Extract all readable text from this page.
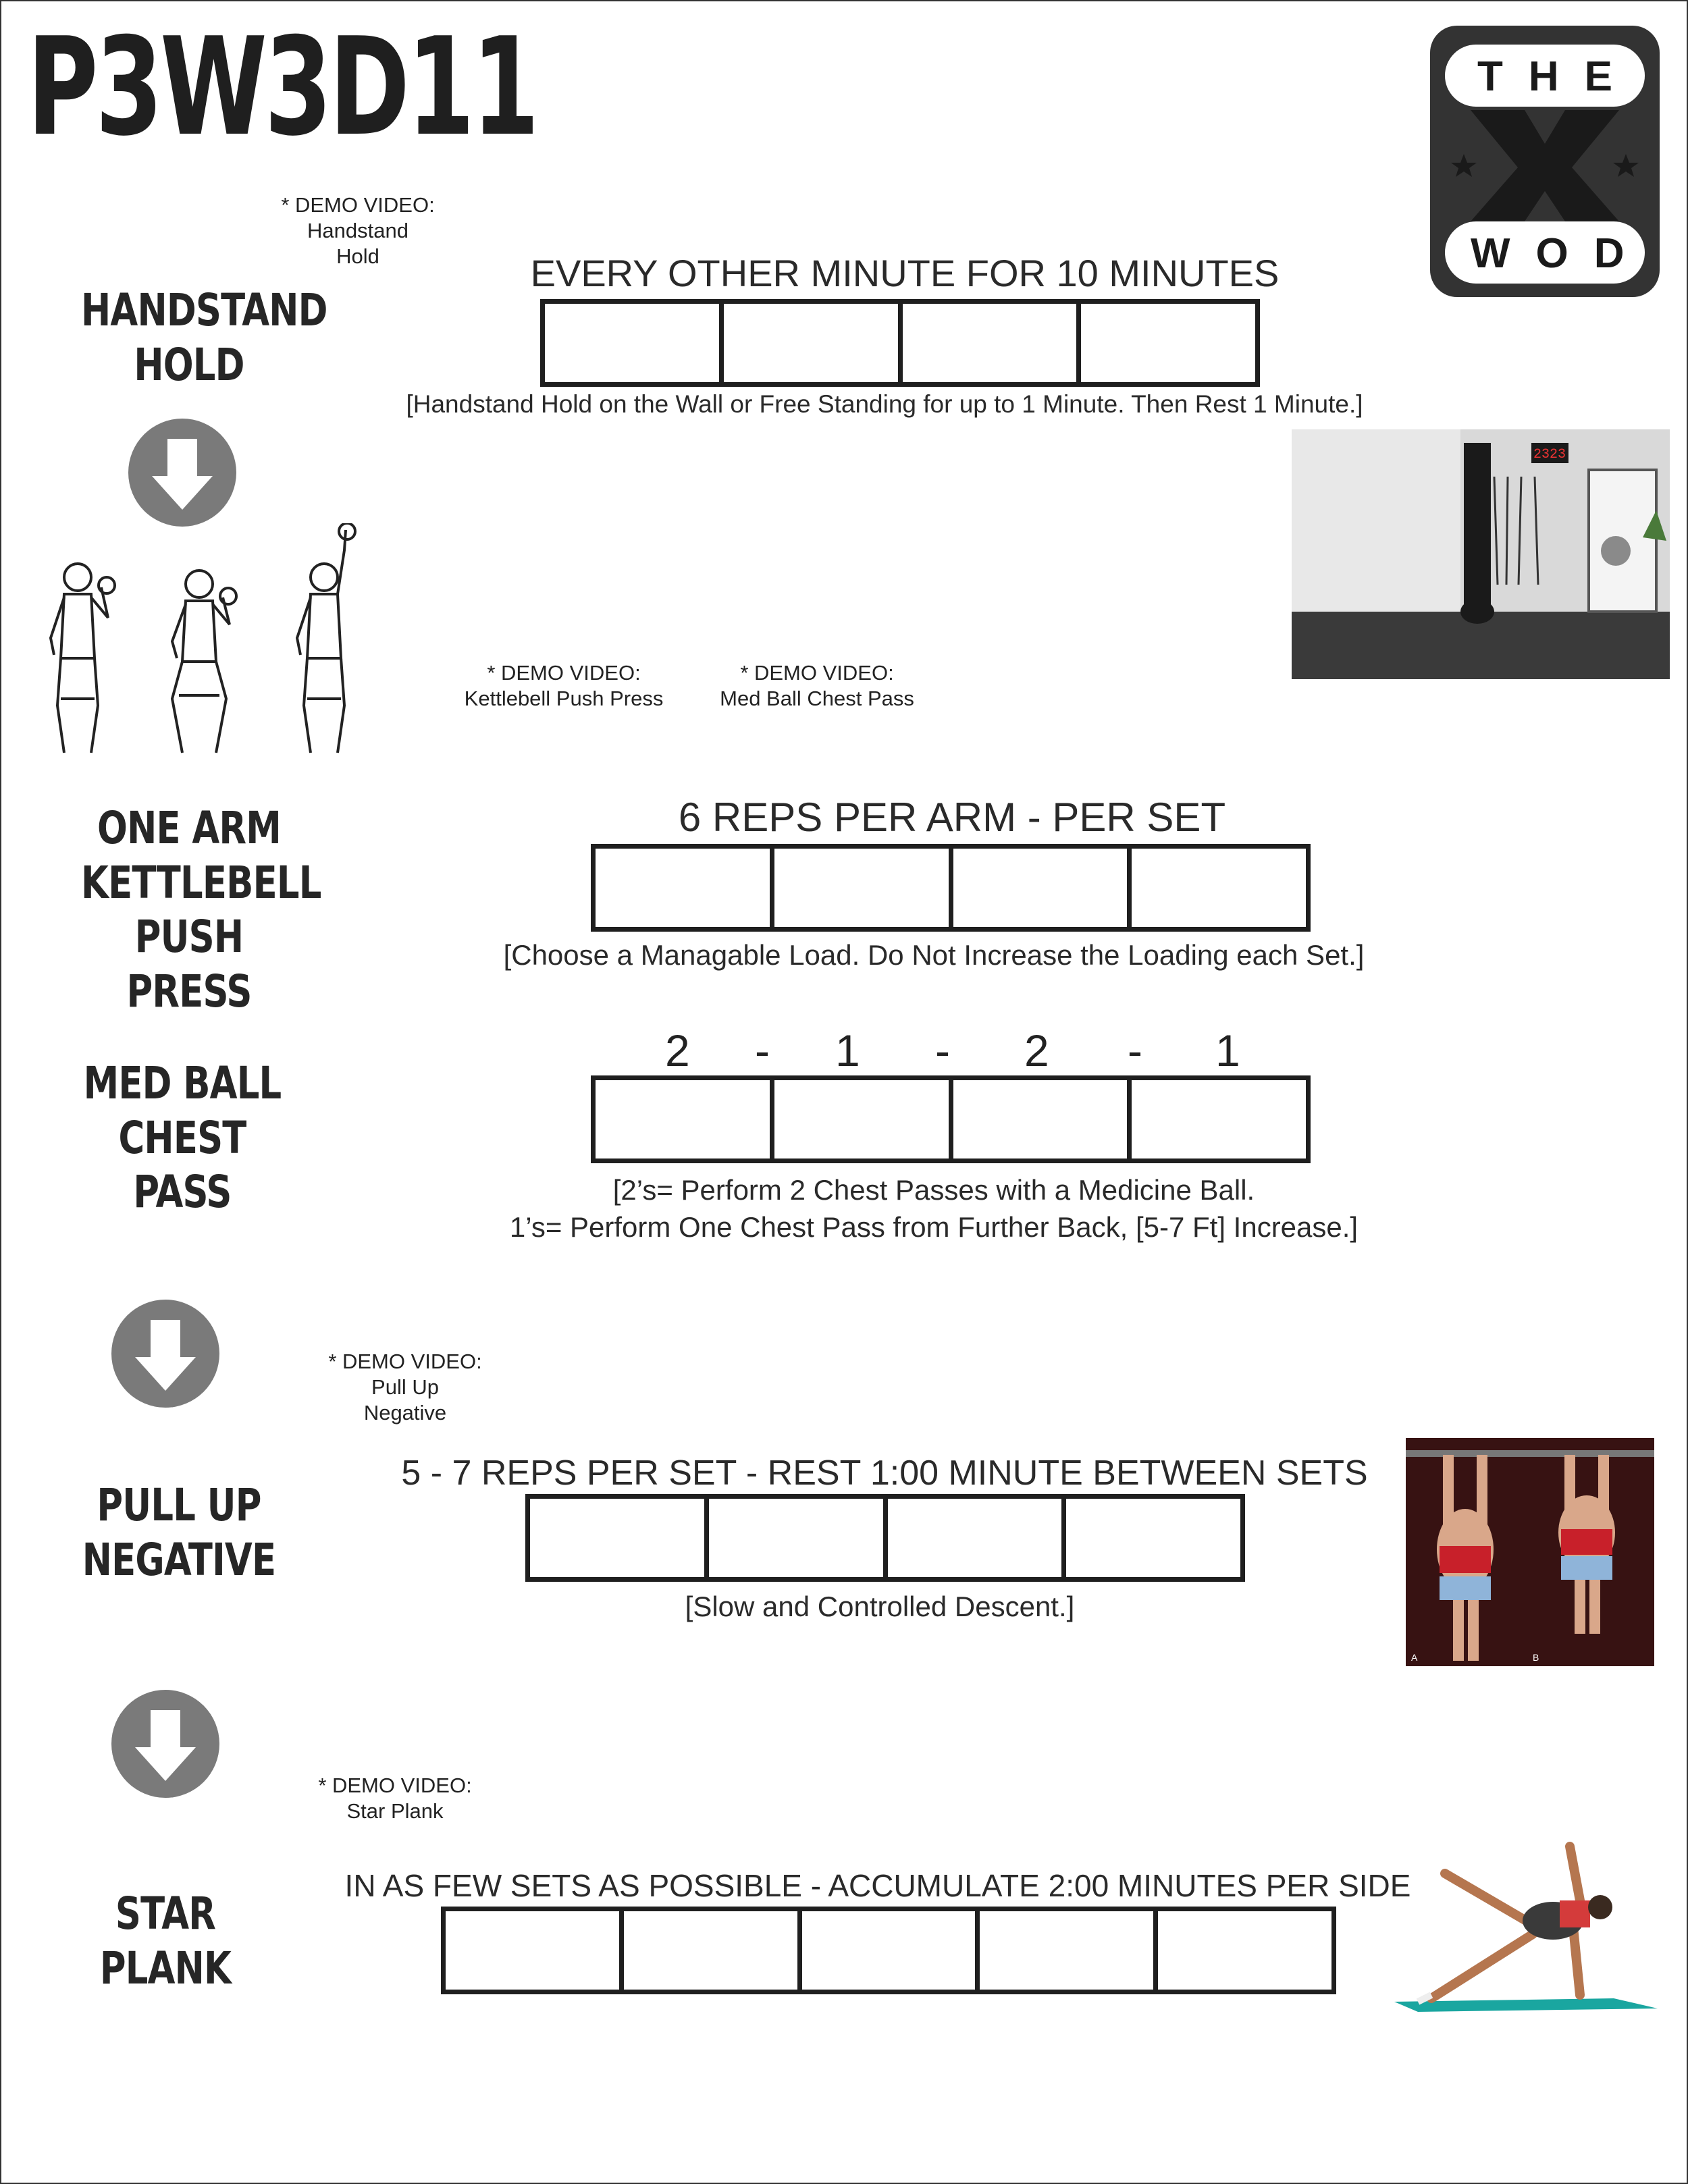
P3W3D11	THE
WOD
* DEMO VIDEO:
Handstand
Hold
HANDSTAND
HOLD
EVERY OTHER MINUTE FOR 10 MINUTES
[Handstand Hold on the Wall or Free Standing for up to 1 Minute. Then Rest 1 Minute.]
2323
* DEMO VIDEO:
Kettlebell Push Press
* DEMO VIDEO:
Med Ball Chest Pass
ONE ARM
KETTLEBELL
PUSH PRESS
6 REPS PER ARM - PER SET
[Choose a Managable Load. Do Not Increase the Loading each Set.]
MED BALL
CHEST PASS
2 - 1 - 2 - 1
[2’s= Perform 2 Chest Passes with a Medicine Ball.
1’s= Perform One Chest Pass from Further Back, [5-7 Ft] Increase.]
* DEMO VIDEO:
Pull Up
Negative
PULL UP
NEGATIVE
5 - 7 REPS PER SET - REST 1:00 MINUTE BETWEEN SETS
[Slow and Controlled Descent.]
A	B
* DEMO VIDEO:
Star Plank
STAR
PLANK
IN AS FEW SETS AS POSSIBLE - ACCUMULATE 2:00 MINUTES PER SIDE
